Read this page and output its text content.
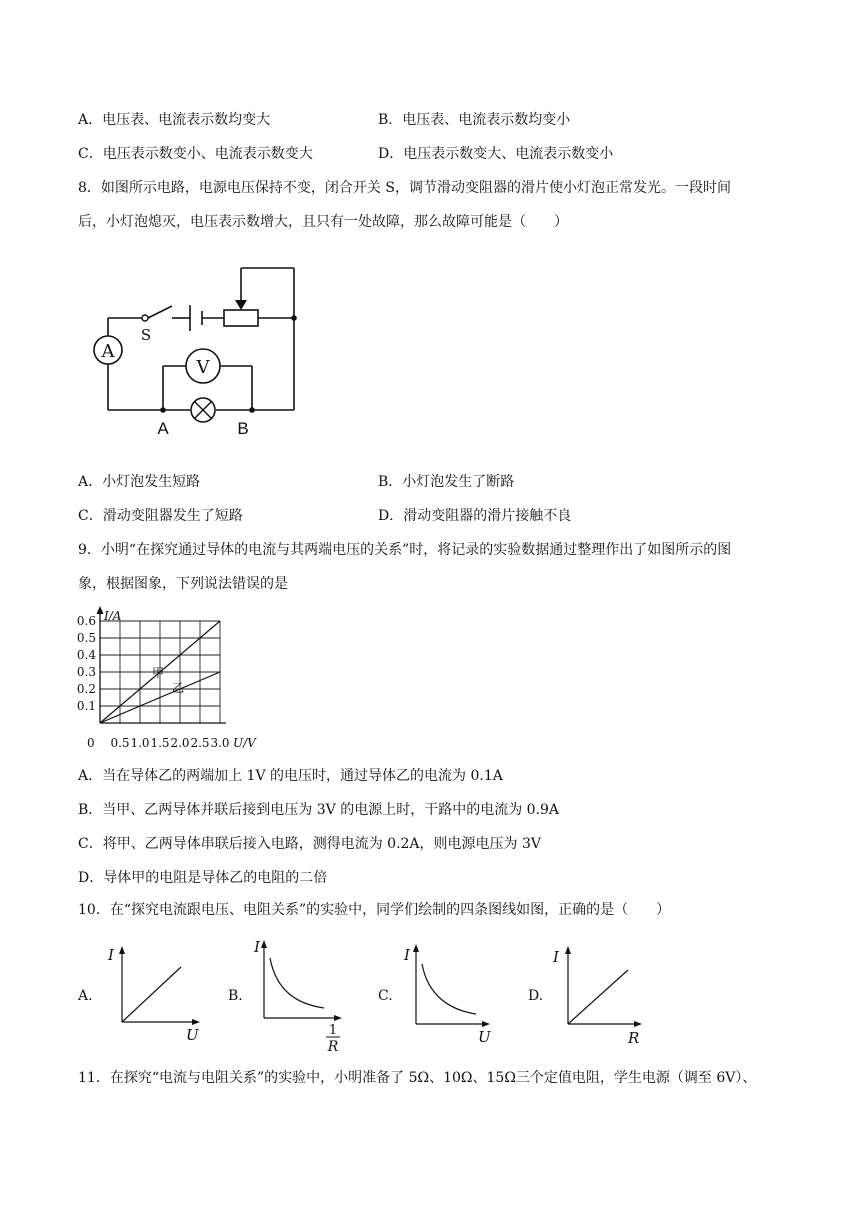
A．电压表、电流表示数均变大	B．电压表、电流表示数均变小
C．电压表示数变小、电流表示数变大	D．电压表示数变大、电流表示数变小
8．如图所示电路，电源电压保持不变，闭合开关 S，调节滑动变阻器的滑片使小灯泡正常发光。一段时间
后，小灯泡熄灭，电压表示数增大，且只有一处故障，那么故障可能是（　　）
A
V
S
A	B
A．小灯泡发生短路	B．小灯泡发生了断路
C．滑动变阻器发生了短路	D．滑动变阻器的滑片接触不良
9．小明“在探究通过导体的电流与其两端电压的关系”时，将记录的实验数据通过整理作出了如图所示的图
象，根据图象，下列说法错误的是
0.5 1.0 1.5 2.0 2.5 3.0
0.1
0.2
0.3
0.4
0.5
0.6
甲
乙
I/A
U/V
0
A．当在导体乙的两端加上 1V 的电压时，通过导体乙的电流为 0.1A
B．当甲、乙两导体并联后接到电压为 3V 的电源上时，干路中的电流为 0.9A
C．将甲、乙两导体串联后接入电路，测得电流为 0.2A，则电源电压为 3V
D．导体甲的电阻是导体乙的电阻的二倍
10．在“探究电流跟电压、电阻关系”的实验中，同学们绘制的四条图线如图，正确的是（　　）
A.
I
U
B.
I
1
R
C.
I
U
D.
I
R
11．在探究“电流与电阻关系”的实验中，小明准备了 5Ω、10Ω、15Ω三个定值电阻，学生电源（调至 6V）、
